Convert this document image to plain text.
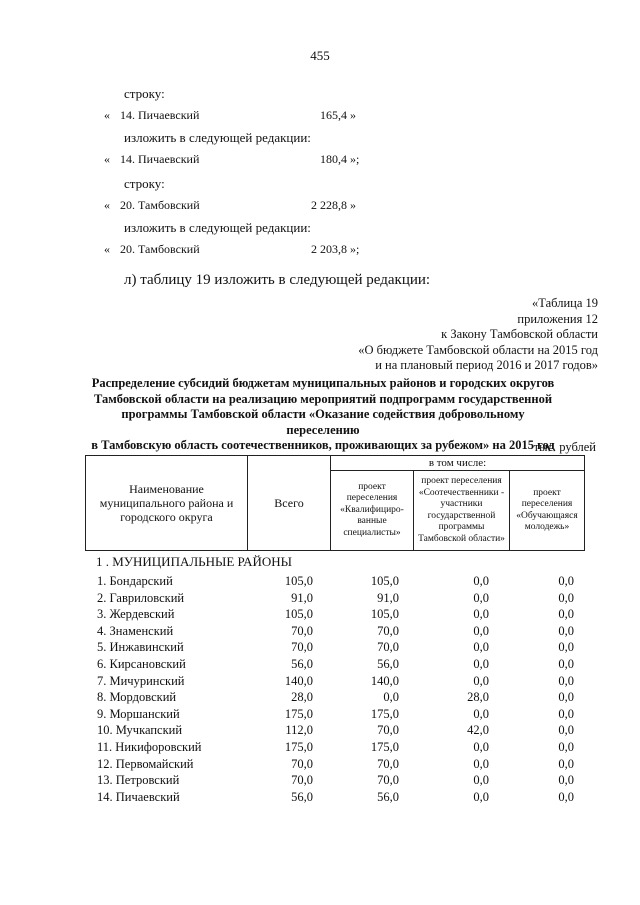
455
строку:
« 14. Пичаевский	165,4 »
изложить в следующей редакции:
« 14. Пичаевский	180,4 »;
строку:
« 20. Тамбовский	2 228,8 »
изложить в следующей редакции:
« 20. Тамбовский	2 203,8 »;
л) таблицу 19 изложить в следующей редакции:
«Таблица 19
приложения 12
к Закону Тамбовской области
«О бюджете Тамбовской области на 2015 год
и на плановый период 2016 и 2017 годов»
Распределение субсидий бюджетам муниципальных районов и городских округов
Тамбовской области на реализацию мероприятий подпрограмм государственной
программы Тамбовской области «Оказание содействия добровольному переселению
в Тамбовскую область соотечественников, проживающих за рубежом» на 2015 год
тыс. рублей
Наименование муниципального района и городского округа	Всего	в том числе:		
		проект переселения «Квалифицированные специалисты»	проект переселения «Соотечественники - участники государственной программы Тамбовской области»	проект переселения «Обучающаяся молодежь»
1 . МУНИЦИПАЛЬНЫЕ РАЙОНЫ
1. Бондарский	105,0	105,0	0,0	0,0
2. Гавриловский	91,0	91,0	0,0	0,0
3. Жердевский	105,0	105,0	0,0	0,0
4. Знаменский	70,0	70,0	0,0	0,0
5. Инжавинский	70,0	70,0	0,0	0,0
6. Кирсановский	56,0	56,0	0,0	0,0
7. Мичуринский	140,0	140,0	0,0	0,0
8. Мордовский	28,0	0,0	28,0	0,0
9. Моршанский	175,0	175,0	0,0	0,0
10. Мучкапский	112,0	70,0	42,0	0,0
11. Никифоровский	175,0	175,0	0,0	0,0
12. Первомайский	70,0	70,0	0,0	0,0
13. Петровский	70,0	70,0	0,0	0,0
14. Пичаевский	56,0	56,0	0,0	0,0
